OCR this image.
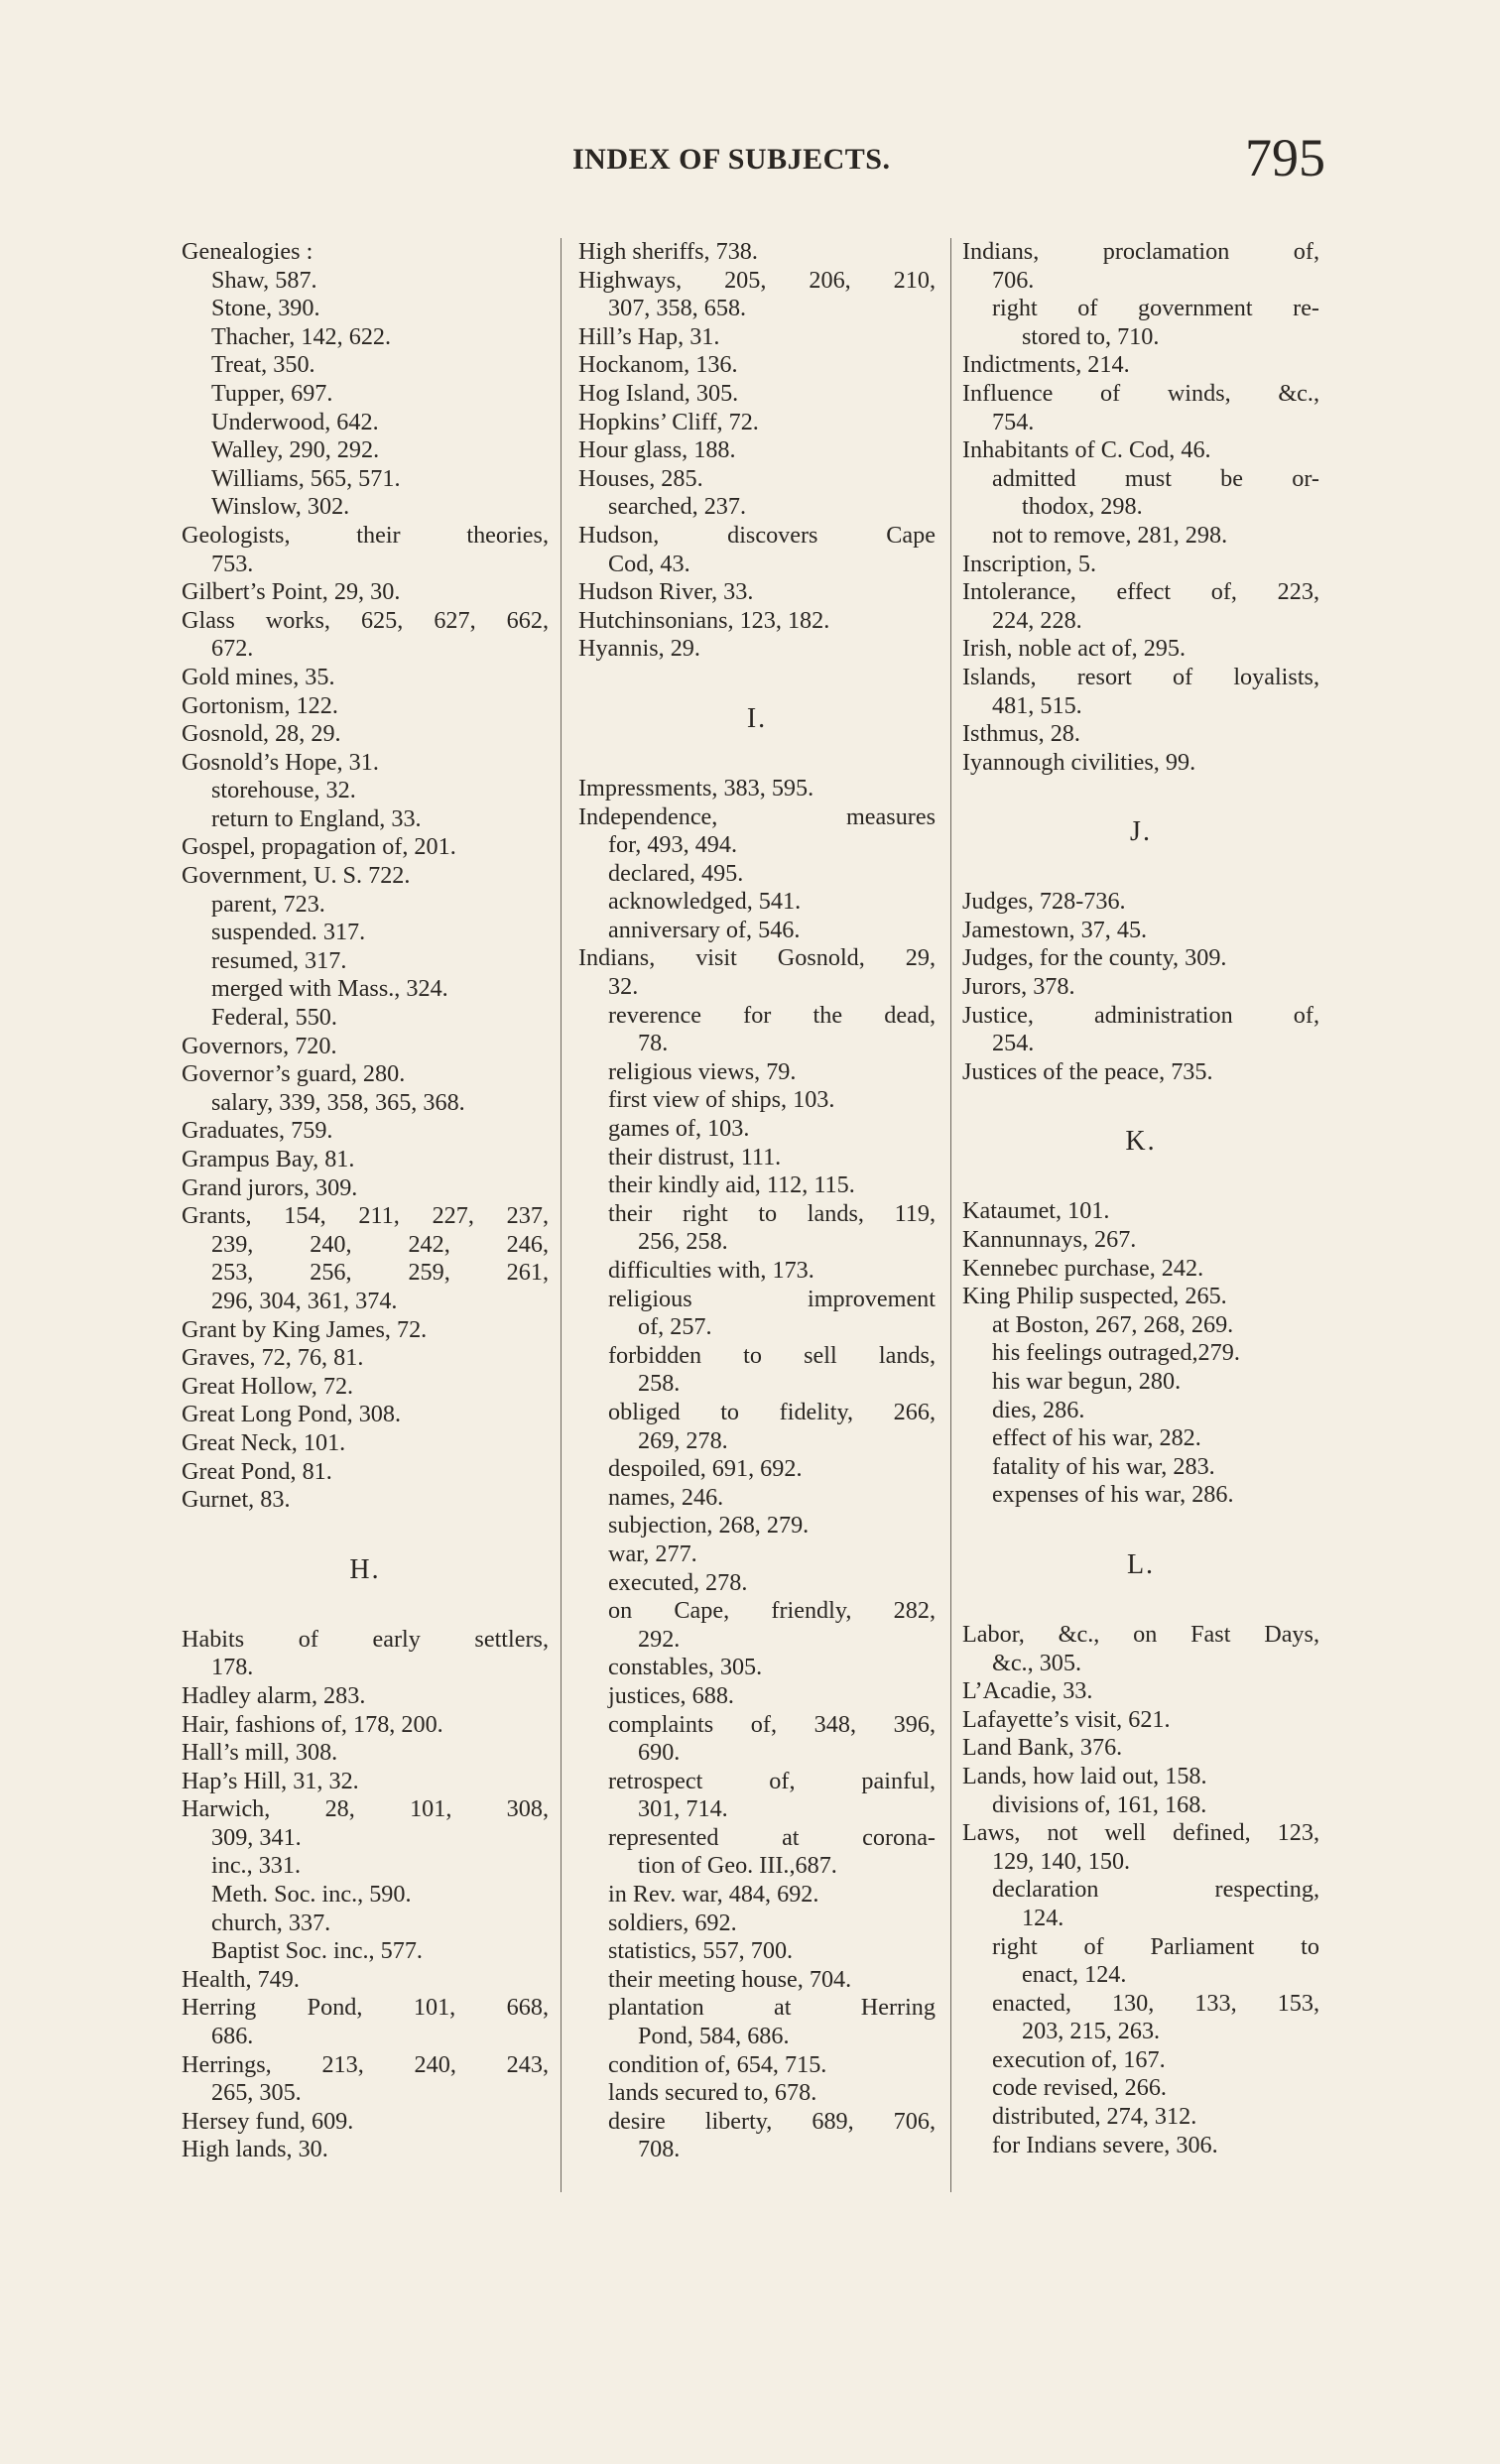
INDEX OF SUBJECTS.	795
Genealogies :
Shaw, 587.
Stone, 390.
Thacher, 142, 622.
Treat, 350.
Tupper, 697.
Underwood, 642.
Walley, 290, 292.
Williams, 565, 571.
Winslow, 302.
Geologists, their theories,
753.
Gilbert’s Point, 29, 30.
Glass works, 625, 627, 662,
672.
Gold mines, 35.
Gortonism, 122.
Gosnold, 28, 29.
Gosnold’s Hope, 31.
storehouse, 32.
return to England, 33.
Gospel, propagation of, 201.
Government, U. S. 722.
parent, 723.
suspended. 317.
resumed, 317.
merged with Mass., 324.
Federal, 550.
Governors, 720.
Governor’s guard, 280.
salary, 339, 358, 365, 368.
Graduates, 759.
Grampus Bay, 81.
Grand jurors, 309.
Grants, 154, 211, 227, 237,
239, 240, 242, 246,
253, 256, 259, 261,
296, 304, 361, 374.
Grant by King James, 72.
Graves, 72, 76, 81.
Great Hollow, 72.
Great Long Pond, 308.
Great Neck, 101.
Great Pond, 81.
Gurnet, 83.
H.
Habits of early settlers,
178.
Hadley alarm, 283.
Hair, fashions of, 178, 200.
Hall’s mill, 308.
Hap’s Hill, 31, 32.
Harwich, 28, 101, 308,
309, 341.
inc., 331.
Meth. Soc. inc., 590.
church, 337.
Baptist Soc. inc., 577.
Health, 749.
Herring Pond, 101, 668,
686.
Herrings, 213, 240, 243,
265, 305.
Hersey fund, 609.
High lands, 30.
High sheriffs, 738.
Highways, 205, 206, 210,
307, 358, 658.
Hill’s Hap, 31.
Hockanom, 136.
Hog Island, 305.
Hopkins’ Cliff, 72.
Hour glass, 188.
Houses, 285.
searched, 237.
Hudson, discovers Cape
Cod, 43.
Hudson River, 33.
Hutchinsonians, 123, 182.
Hyannis, 29.
I.
Impressments, 383, 595.
Independence, measures
for, 493, 494.
declared, 495.
acknowledged, 541.
anniversary of, 546.
Indians, visit Gosnold, 29,
32.
reverence for the dead,
78.
religious views, 79.
first view of ships, 103.
games of, 103.
their distrust, 111.
their kindly aid, 112, 115.
their right to lands, 119,
256, 258.
difficulties with, 173.
religious improvement
of, 257.
forbidden to sell lands,
258.
obliged to fidelity, 266,
269, 278.
despoiled, 691, 692.
names, 246.
subjection, 268, 279.
war, 277.
executed, 278.
on Cape, friendly, 282,
292.
constables, 305.
justices, 688.
complaints of, 348, 396,
690.
retrospect of, painful,
301, 714.
represented at corona-
tion of Geo. III.,687.
in Rev. war, 484, 692.
soldiers, 692.
statistics, 557, 700.
their meeting house, 704.
plantation at Herring
Pond, 584, 686.
condition of, 654, 715.
lands secured to, 678.
desire liberty, 689, 706,
708.
Indians, proclamation of,
706.
right of government re-
stored to, 710.
Indictments, 214.
Influence of winds, &c.,
754.
Inhabitants of C. Cod, 46.
admitted must be or-
thodox, 298.
not to remove, 281, 298.
Inscription, 5.
Intolerance, effect of, 223,
224, 228.
Irish, noble act of, 295.
Islands, resort of loyalists,
481, 515.
Isthmus, 28.
Iyannough civilities, 99.
J.
Judges, 728-736.
Jamestown, 37, 45.
Judges, for the county, 309.
Jurors, 378.
Justice, administration of,
254.
Justices of the peace, 735.
K.
Kataumet, 101.
Kannunnays, 267.
Kennebec purchase, 242.
King Philip suspected, 265.
at Boston, 267, 268, 269.
his feelings outraged,279.
his war begun, 280.
dies, 286.
effect of his war, 282.
fatality of his war, 283.
expenses of his war, 286.
L.
Labor, &c., on Fast Days,
&c., 305.
L’Acadie, 33.
Lafayette’s visit, 621.
Land Bank, 376.
Lands, how laid out, 158.
divisions of, 161, 168.
Laws, not well defined, 123,
129, 140, 150.
declaration respecting,
124.
right of Parliament to
enact, 124.
enacted, 130, 133, 153,
203, 215, 263.
execution of, 167.
code revised, 266.
distributed, 274, 312.
for Indians severe, 306.
